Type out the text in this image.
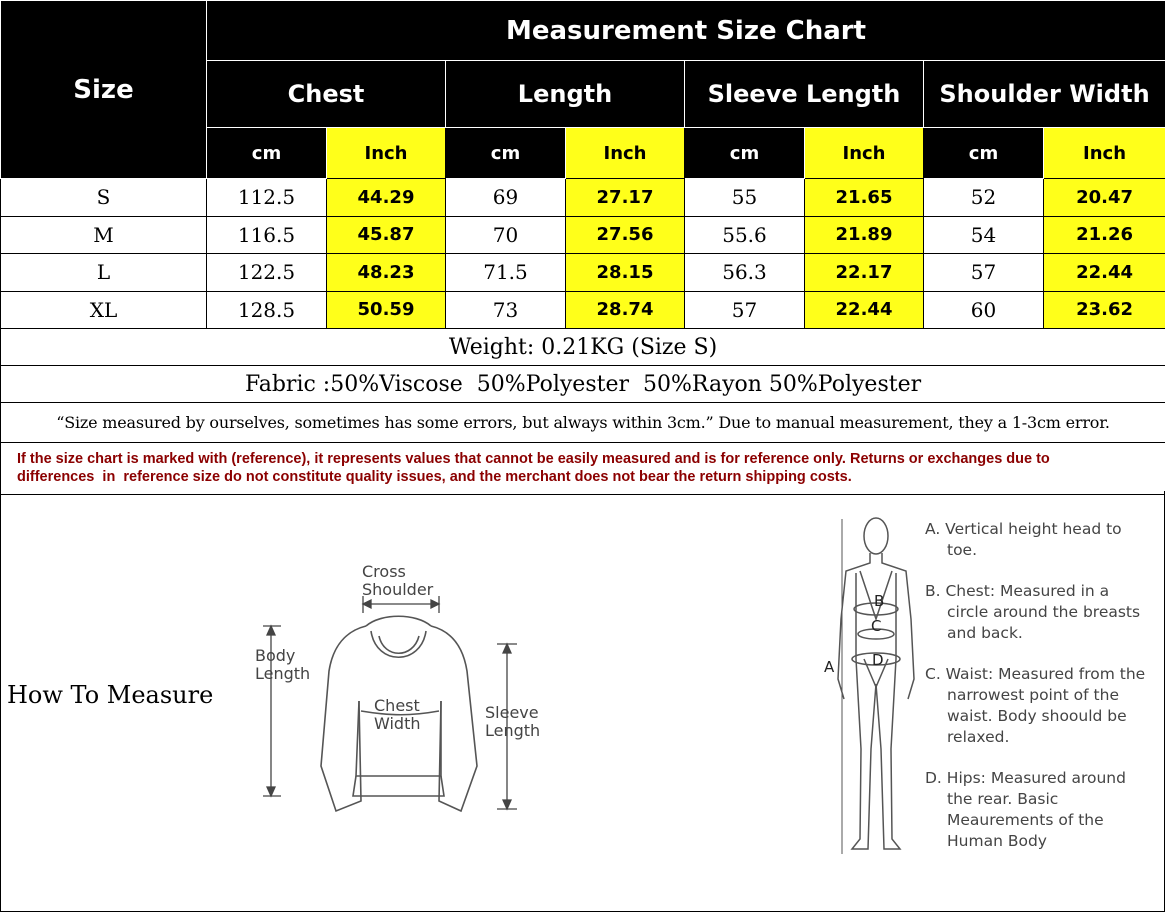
Size	Measurement Size Chart							
	Chest		Length		Sleeve Length		Shoulder Width	
	cm	Inch	cm	Inch	cm	Inch	cm	Inch
S	112.5	44.29	69	27.17	55	21.65	52	20.47
M	116.5	45.87	70	27.56	55.6	21.89	54	21.26
L	122.5	48.23	71.5	28.15	56.3	22.17	57	22.44
XL	128.5	50.59	73	28.74	57	22.44	60	23.62
Weight: 0.21KG (Size S)								
Fabric :50%Viscose  50%Polyester  50%Rayon 50%Polyester								
“Size measured by ourselves, sometimes has some errors, but always within 3cm.” Due to manual measurement, they a 1-3cm error.								

If the size chart is marked with (reference), it represents values that cannot be easily measured and is for reference only. Returns or exchanges due to
differences  in  reference size do not constitute quality issues, and the merchant does not bear the return shipping costs.								
How To Measure
Cross
Shoulder
Body
Length
Chest
Width
Sleeve
Length
B
C
D
A

A. Vertical height head to toe.

B. Chest: Measured in a circle around the breasts and back.

C. Waist: Measured from the narrowest point of the waist. Body shoould be relaxed.

D. Hips: Measured around the rear. Basic Meaurements of the Human Body
